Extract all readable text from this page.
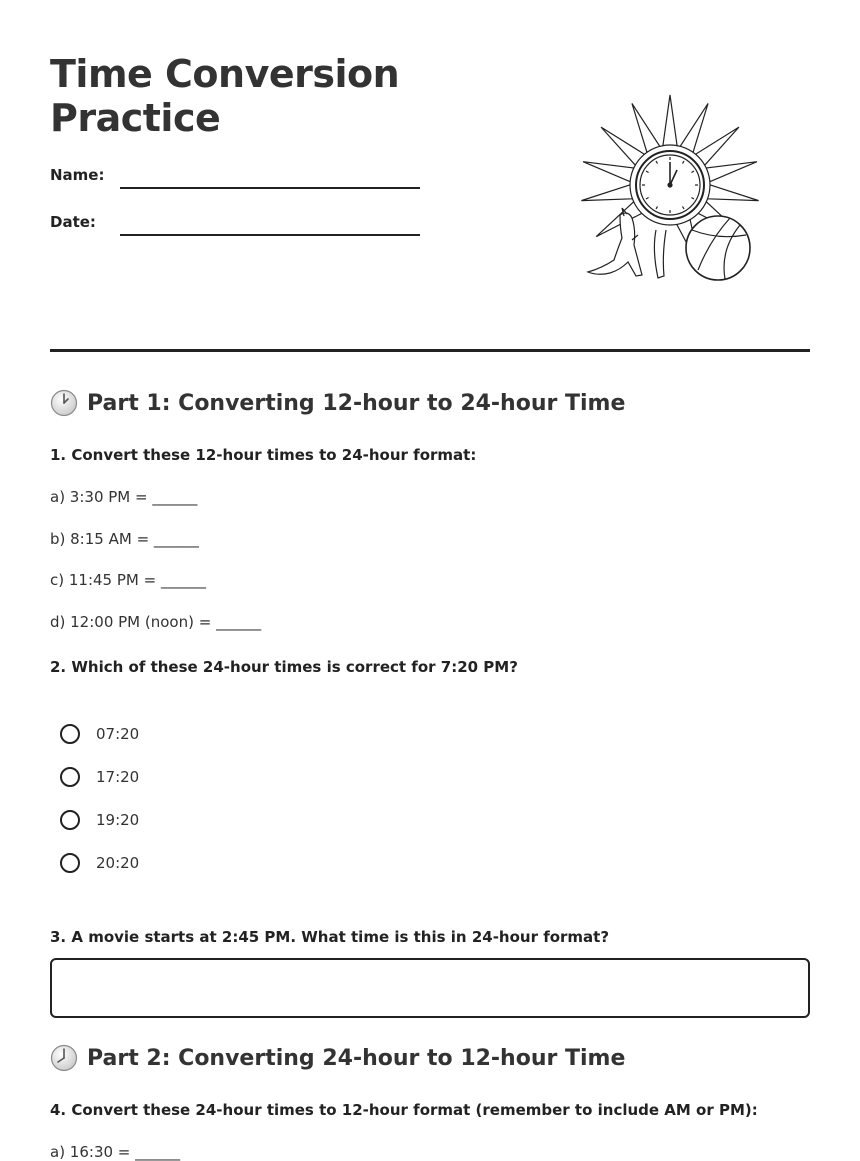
Time Conversion
Practice
Name:
Date:
Part 1: Converting 12-hour to 24-hour Time
1. Convert these 12-hour times to 24-hour format:
a) 3:30 PM = ______
b) 8:15 AM = ______
c) 11:45 PM = ______
d) 12:00 PM (noon) = ______
2. Which of these 24-hour times is correct for 7:20 PM?
07:20
17:20
19:20
20:20
3. A movie starts at 2:45 PM. What time is this in 24-hour format?
Part 2: Converting 24-hour to 12-hour Time
4. Convert these 24-hour times to 12-hour format (remember to include AM or PM):
a) 16:30 = ______
